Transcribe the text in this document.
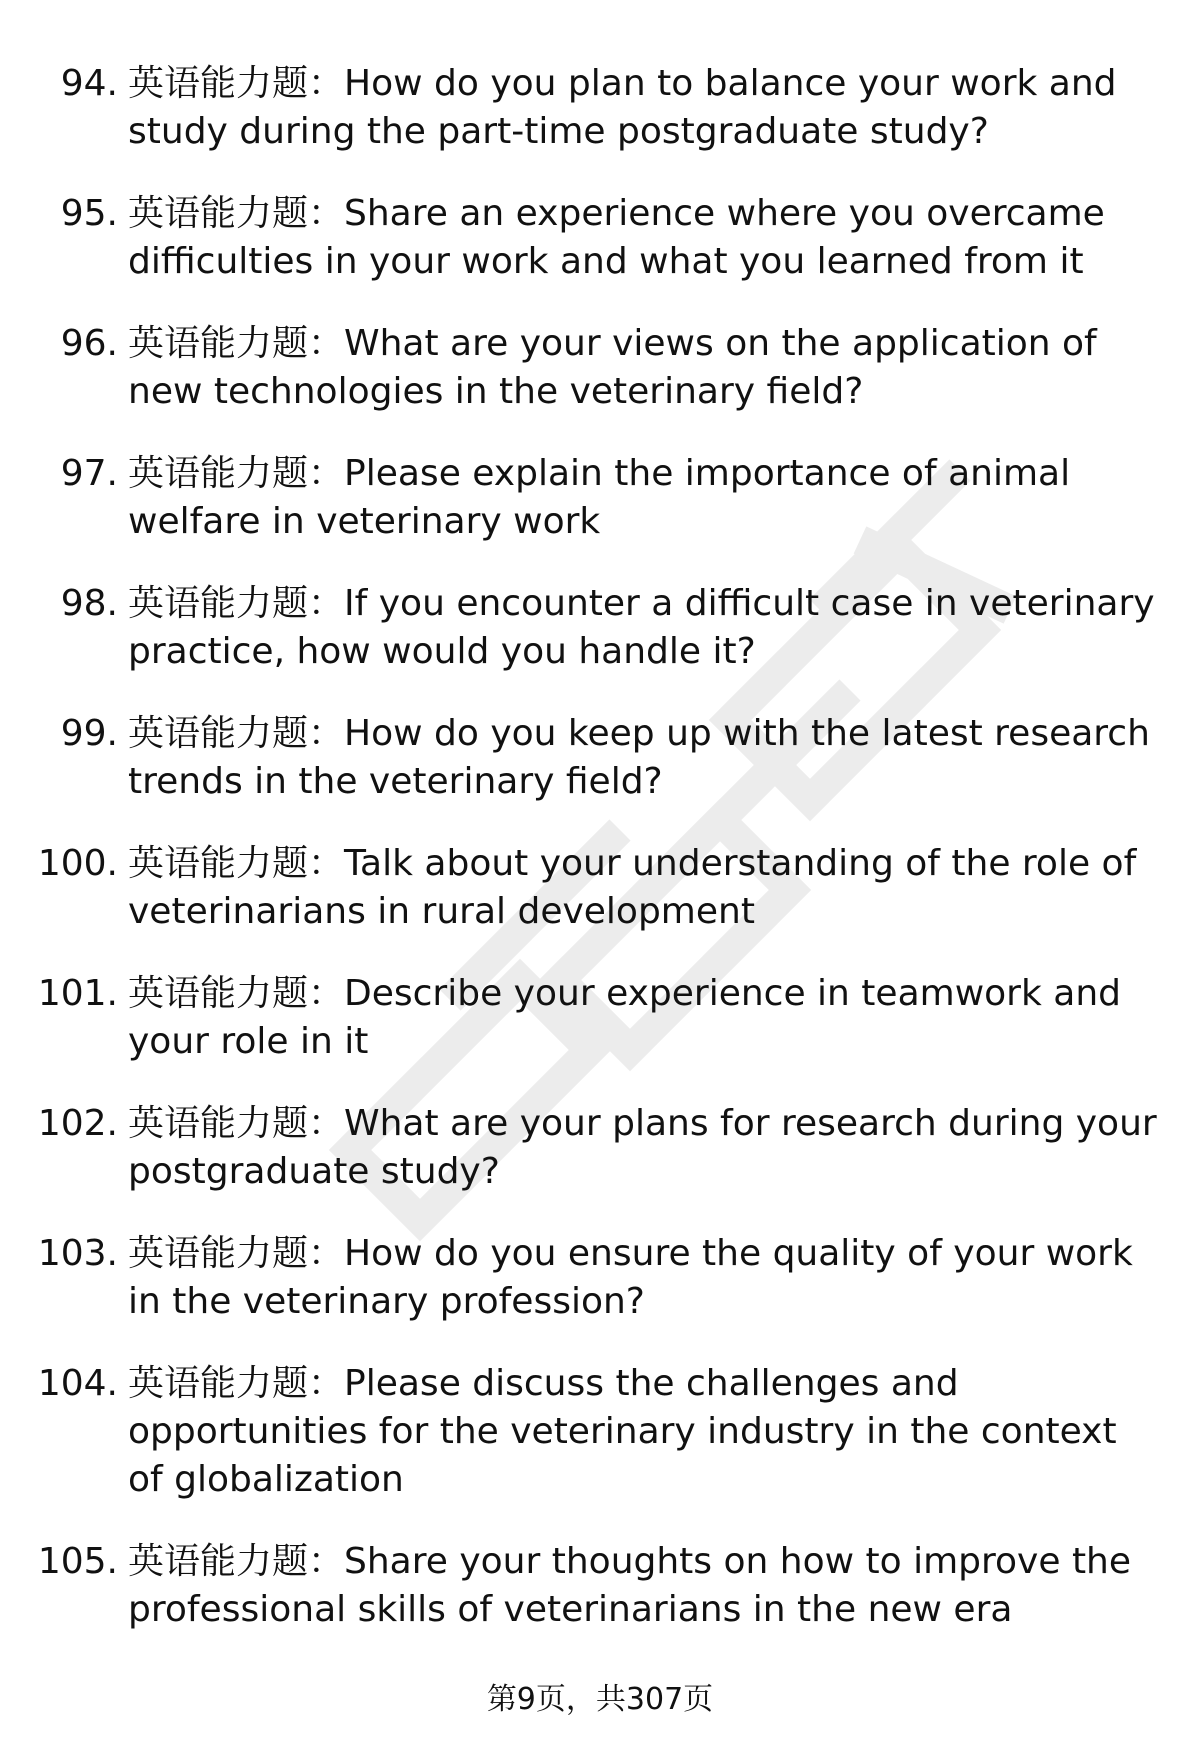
94. 英语能力题：How do you plan to balance your work and study during the part-time postgraduate study?
95. 英语能力题：Share an experience where you overcame difficulties in your work and what you learned from it
96. 英语能力题：What are your views on the application of new technologies in the veterinary field?
97. 英语能力题：Please explain the importance of animal welfare in veterinary work
98. 英语能力题：If you encounter a difficult case in veterinary practice, how would you handle it?
99. 英语能力题：How do you keep up with the latest research trends in the veterinary field?
100. 英语能力题：Talk about your understanding of the role of veterinarians in rural development
101. 英语能力题：Describe your experience in teamwork and your role in it
102. 英语能力题：What are your plans for research during your postgraduate study?
103. 英语能力题：How do you ensure the quality of your work in the veterinary profession?
104. 英语能力题：Please discuss the challenges and opportunities for the veterinary industry in the context of globalization
105. 英语能力题：Share your thoughts on how to improve the professional skills of veterinarians in the new era
第9页，共307页
